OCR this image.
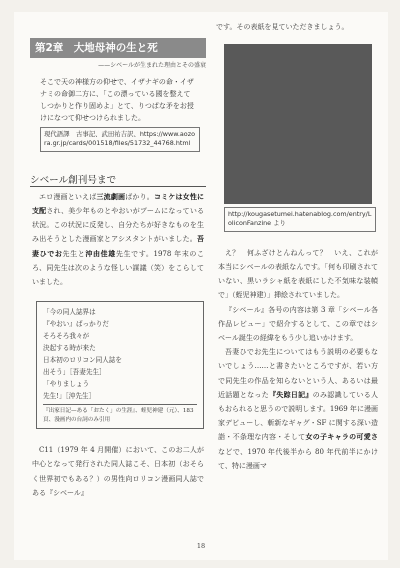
第2章　大地母神の生と死
——シベールが生まれた理由とその盛衰
そこで天の神様方の仰せで、イザナギの命・イザナミの命御二方に、「この漂っている國を整えてしつかりと作り固めよ」とて、りつぱな矛をお授けになつて仰せつけられました。
現代語譯　古事記、武田祐吉訳、https://www.aozora.gr.jp/cards/001518/files/51732_44768.html
シベール創刊号まで

エロ漫画といえば三流劇画ばかり。コミケは女性に支配され、美少年ものとやおいがブームになっている状況。この状況に反発し、自分たちが好きなものを生み出そうとした漫画家とアシスタントがいました。吾妻ひでお先生と沖由佳雄先生です。1978 年末のころ、同先生は次のような怪しい謀議（笑）をこらしていました。

「今の同人誌界は
『やおい』ばっかりだ
そろそろ我々が
決起する時が来た
日本初のロリコン同人誌を
出そう」［吾妻先生］
「やりましょう
先生!」［沖先生］
『出家日記—ある「おたく」の生涯』、蛭児神建（元）、183 頁、漫画内の台詞のみ引用

C11（1979 年 4 月開催）において、このお二人が中心となって発行された同人誌こそ、日本初（おそらく世界初でもある？）の男性向ロリコン漫画同人誌である『シベール』

です。その表紙を見ていただきましょう。
http://kougasetumei.hatenablog.com/entry/LoliconFanzine より

え？　何ふざけとんねんって？　いえ、これが本当にシベールの表紙なんです。「何も印刷されていない、黒いラシャ紙を表紙にした不気味な装幀で」（蛭児神建）」挿絵されていました。

『シベール』各号の内容は第 3 章「シベール各作品レビュー」で紹介するとして、この章ではシベール誕生の経緯をもう少し追いかけます。

吾妻ひでお先生についてはもう説明の必要もないでしょう……と書きたいところですが、若い方で同先生の作品を知らないという人、あるいは最近話題となった『失踪日記』のみ認識している人もおられると思うので説明します。1969 年に漫画家デビューし、斬新なギャグ・SF に関する深い造詣・不条理な内容・そして女の子キャラの可愛さなどで、1970 年代後半から 80 年代前半にかけて、特に漫画マ

18
